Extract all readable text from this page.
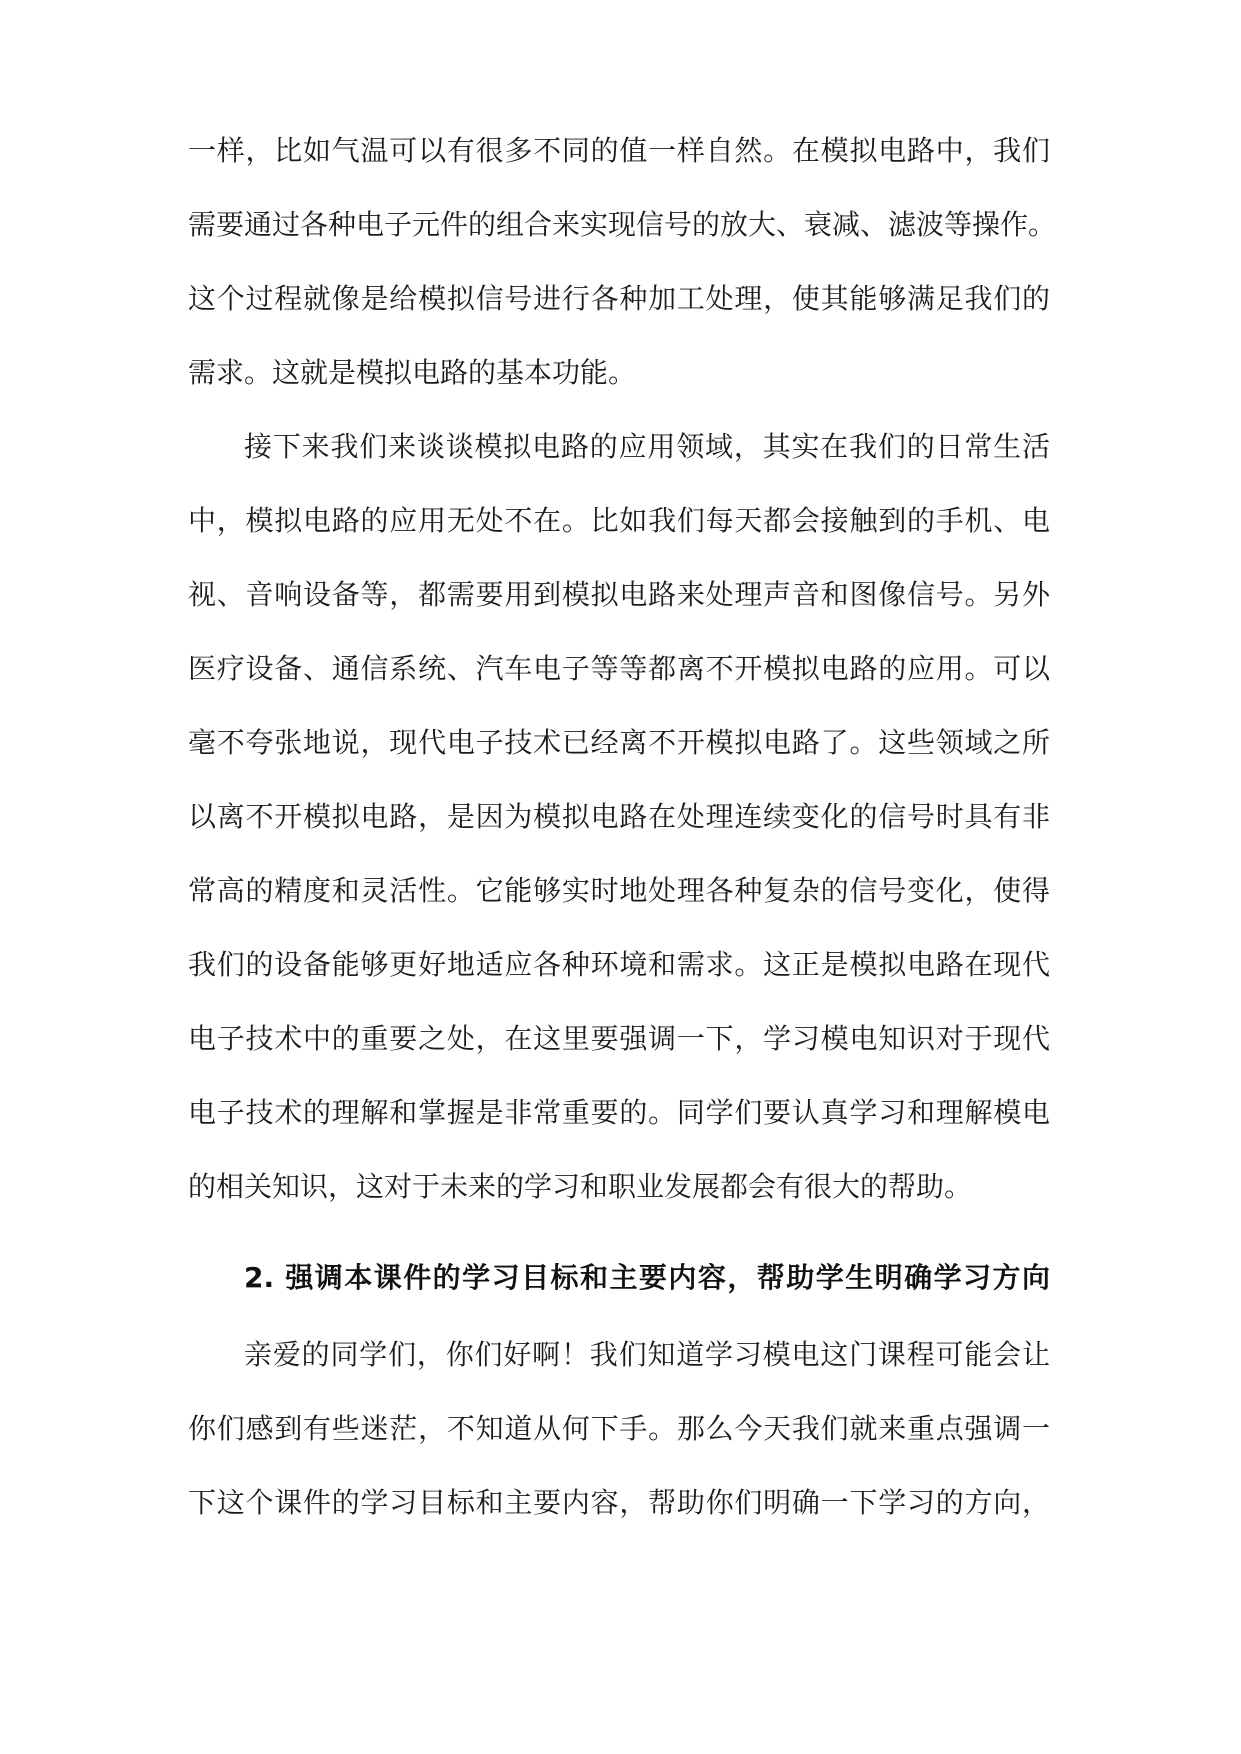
一样，比如气温可以有很多不同的值一样自然。在模拟电路中，我们
需要通过各种电子元件的组合来实现信号的放大、衰减、滤波等操作。
这个过程就像是给模拟信号进行各种加工处理，使其能够满足我们的
需求。这就是模拟电路的基本功能。
接下来我们来谈谈模拟电路的应用领域，其实在我们的日常生活
中，模拟电路的应用无处不在。比如我们每天都会接触到的手机、电
视、音响设备等，都需要用到模拟电路来处理声音和图像信号。另外
医疗设备、通信系统、汽车电子等等都离不开模拟电路的应用。可以
毫不夸张地说，现代电子技术已经离不开模拟电路了。这些领域之所
以离不开模拟电路，是因为模拟电路在处理连续变化的信号时具有非
常高的精度和灵活性。它能够实时地处理各种复杂的信号变化，使得
我们的设备能够更好地适应各种环境和需求。这正是模拟电路在现代
电子技术中的重要之处，在这里要强调一下，学习模电知识对于现代
电子技术的理解和掌握是非常重要的。同学们要认真学习和理解模电
的相关知识，这对于未来的学习和职业发展都会有很大的帮助。
2. 强调本课件的学习目标和主要内容，帮助学生明确学习方向
亲爱的同学们，你们好啊！我们知道学习模电这门课程可能会让
你们感到有些迷茫，不知道从何下手。那么今天我们就来重点强调一
下这个课件的学习目标和主要内容，帮助你们明确一下学习的方向，
